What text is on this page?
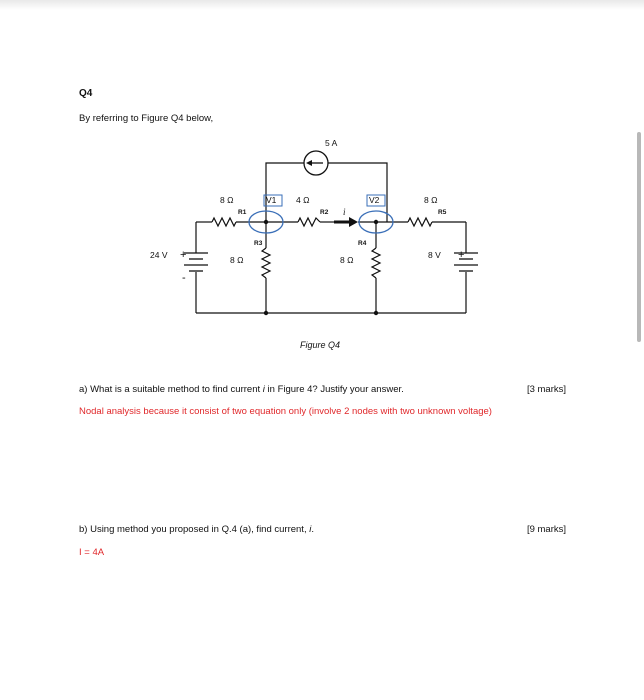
Q4
By referring to Figure Q4 below,
5 A
8 Ω
R1
4 Ω
R2
8 Ω
R5
R3
8 Ω
R4
8 Ω
V1	V2
i
24 V +
-
8 V +
Figure Q4
a) What is a suitable method to find current i in Figure 4? Justify your answer.	[3 marks]
Nodal analysis because it consist of two equation only (involve 2 nodes with two unknown voltage)
b) Using method you proposed in Q.4 (a), find current, i.	[9 marks]
I = 4A
